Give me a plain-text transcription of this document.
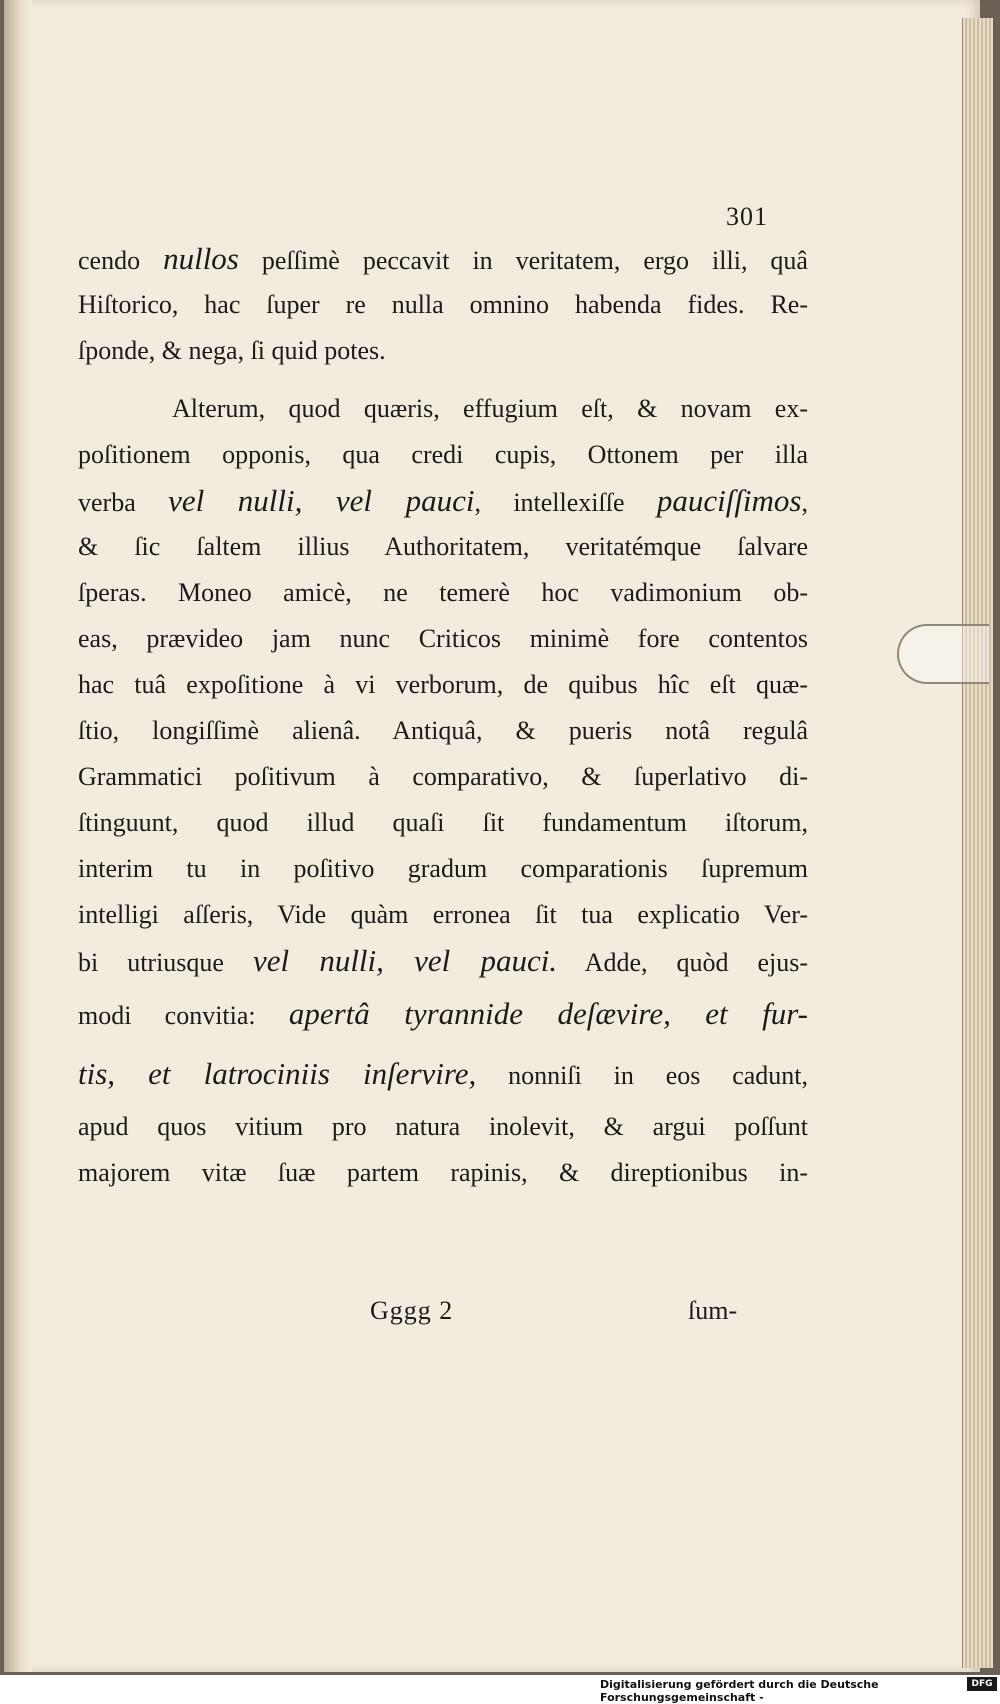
301
cendo nullos peſſimè peccavit in veritatem, ergo illi, quâ
Hiſtorico, hac ſuper re nulla omnino habenda fides. Re-
ſponde, & nega, ſi quid potes.
Alterum, quod quæris, effugium eſt, & novam ex-
poſitionem opponis, qua credi cupis, Ottonem per illa
verba vel nulli, vel pauci, intellexiſſe pauciſſimos,
& ſic ſaltem illius Authoritatem, veritatémque ſalvare
ſperas. Moneo amicè, ne temerè hoc vadimonium ob-
eas, prævideo jam nunc Criticos minimè fore contentos
hac tuâ expoſitione à vi verborum, de quibus hîc eſt quæ-
ſtio, longiſſimè alienâ. Antiquâ, & pueris notâ regulâ
Grammatici poſitivum à comparativo, & ſuperlativo di-
ſtinguunt, quod illud quaſi ſit fundamentum iſtorum,
interim tu in poſitivo gradum comparationis ſupremum
intelligi aſſeris, Vide quàm erronea ſit tua explicatio Ver-
bi utriusque vel nulli, vel pauci. Adde, quòd ejus-
modi convitia: apertâ tyrannide deſævire, et fur-
tis, et latrociniis inſervire, nonniſi in eos cadunt,
apud quos vitium pro natura inolevit, & argui poſſunt
majorem vitæ ſuæ partem rapinis, & direptionibus in-
Gggg 2	ſum-
Digitalisierung gefördert durch die Deutsche Forschungsgemeinschaft -
DFG
